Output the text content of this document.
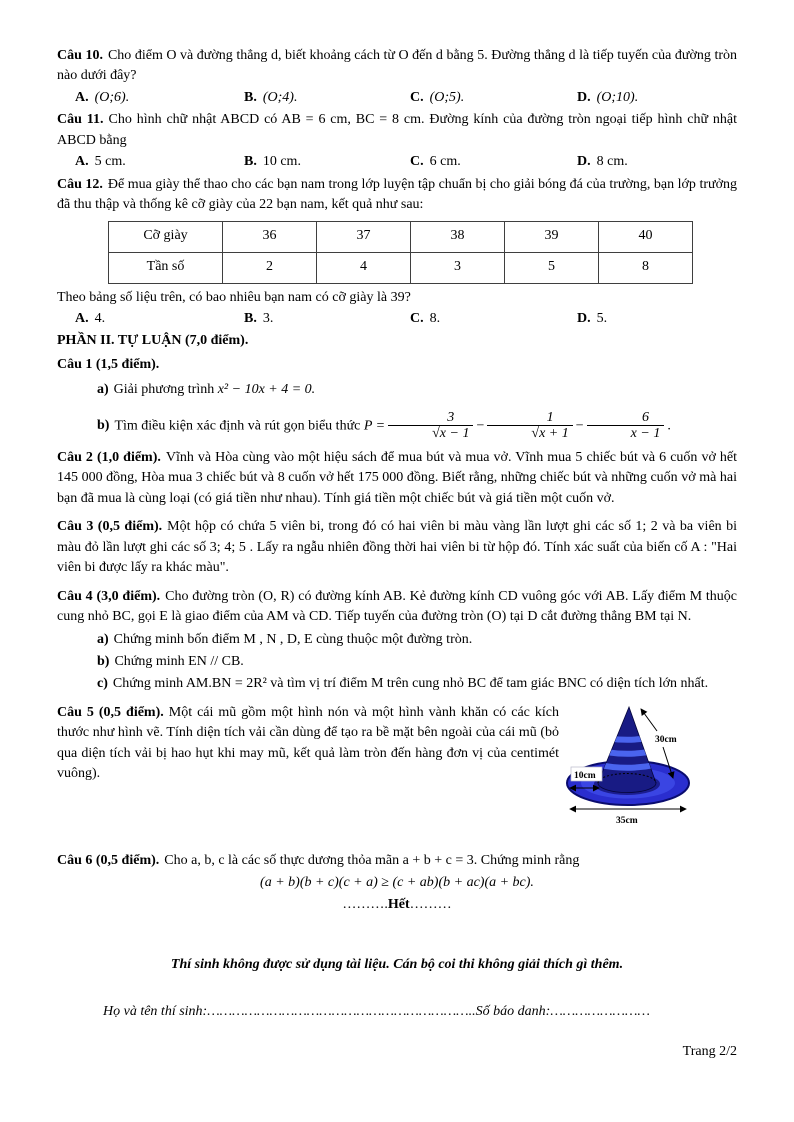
Câu 10. Cho điểm O và đường thẳng d, biết khoảng cách từ O đến d bằng 5. Đường thẳng d là tiếp tuyến của đường tròn nào dưới đây?

A. (O;6).	B. (O;4).	C. (O;5).	D. (O;10).

Câu 11. Cho hình chữ nhật ABCD có AB = 6 cm, BC = 8 cm. Đường kính của đường tròn ngoại tiếp hình chữ nhật ABCD bằng

A. 5 cm.	B. 10 cm.	C. 6 cm.	D. 8 cm.

Câu 12. Để mua giày thể thao cho các bạn nam trong lớp luyện tập chuẩn bị cho giải bóng đá của trường, bạn lớp trưởng đã thu thập và thống kê cỡ giày của 22 bạn nam, kết quả như sau:

Cỡ giày	36	37	38	39	40
Tần số	2	4	3	5	8

Theo bảng số liệu trên, có bao nhiêu bạn nam có cỡ giày là 39?

A. 4.	B. 3.	C. 8.	D. 5.

PHẦN II. TỰ LUẬN (7,0 điểm).

Câu 1 (1,5 điểm).

a) Giải phương trình x² − 10x + 4 = 0.

b) Tìm điều kiện xác định và rút gọn biểu thức $P = \frac{3}{√x - 1} - \frac{1}{√x + 1} - \frac{6}{x - 1}$ .

Câu 2 (1,0 điểm). Vĩnh và Hòa cùng vào một hiệu sách để mua bút và mua vở. Vĩnh mua 5 chiếc bút và 6 cuốn vở hết 145 000 đồng, Hòa mua 3 chiếc bút và 8 cuốn vở hết 175 000 đồng. Biết rằng, những chiếc bút và những cuốn vở mà hai bạn đã mua là cùng loại (có giá tiền như nhau). Tính giá tiền một chiếc bút và giá tiền một cuốn vở.

Câu 3 (0,5 điểm). Một hộp có chứa 5 viên bi, trong đó có hai viên bi màu vàng lần lượt ghi các số 1; 2 và ba viên bi màu đỏ lần lượt ghi các số 3; 4; 5 . Lấy ra ngẫu nhiên đồng thời hai viên bi từ hộp đó. Tính xác suất của biến cố A : "Hai viên bi được lấy ra khác màu".

Câu 4 (3,0 điểm). Cho đường tròn (O, R) có đường kính AB. Kẻ đường kính CD vuông góc với AB. Lấy điểm M thuộc cung nhỏ BC, gọi E là giao điểm của AM và CD. Tiếp tuyến của đường tròn (O) tại D cắt đường thẳng BM tại N.

a) Chứng minh bốn điểm M , N , D, E cùng thuộc một đường tròn.

b) Chứng minh EN // CB.

c) Chứng minh AM.BN = 2R² và tìm vị trí điểm M trên cung nhỏ BC để tam giác BNC có diện tích lớn nhất.

Câu 5 (0,5 điểm). Một cái mũ gồm một hình nón và một hình vành khăn có các kích thước như hình vẽ. Tính diện tích vải cần dùng để tạo ra bề mặt bên ngoài của cái mũ (bỏ qua diện tích vải bị hao hụt khi may mũ, kết quả làm tròn đến hàng đơn vị của centimét vuông).

30cm
10cm
35cm

Câu 6 (0,5 điểm). Cho a, b, c là các số thực dương thỏa mãn a + b + c = 3. Chứng minh rằng

(a + b)(b + c)(c + a) ≥ (c + ab)(b + ac)(a + bc).

……….Hết………

Thí sinh không được sử dụng tài liệu. Cán bộ coi thi không giải thích gì thêm.

Họ và tên thí sinh:………………………………………………………..Số báo danh:……………………

Trang 2/2
